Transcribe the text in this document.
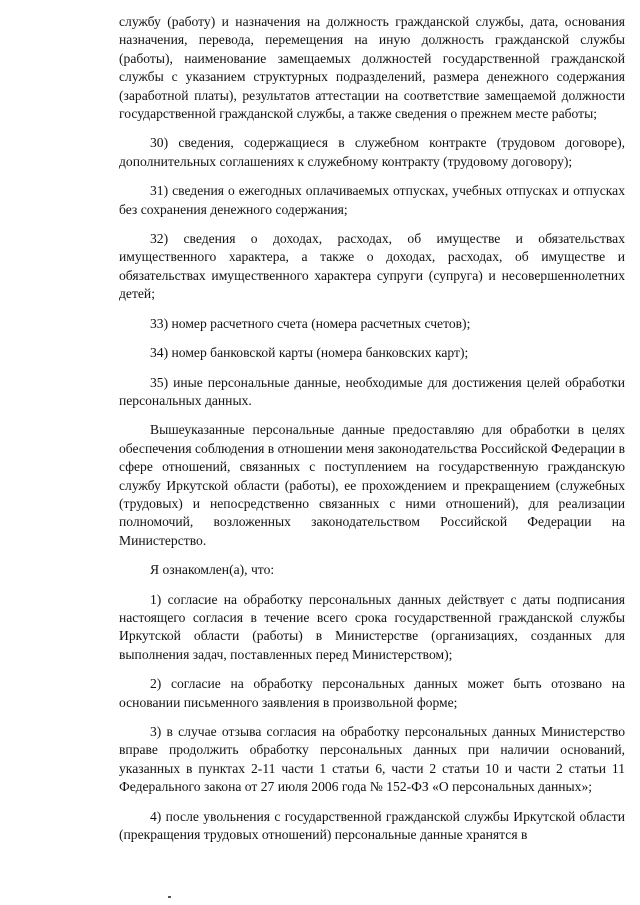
службу (работу) и назначения на должность гражданской службы, дата, основания назначения, перевода, перемещения на иную должность гражданской службы (работы), наименование замещаемых должностей государственной гражданской службы с указанием структурных подразделений, размера денежного содержания (заработной платы), результатов аттестации на соответствие замещаемой должности государственной гражданской службы, а также сведения о прежнем месте работы;

30) сведения, содержащиеся в служебном контракте (трудовом договоре), дополнительных соглашениях к служебному контракту (трудовому договору);

31) сведения о ежегодных оплачиваемых отпусках, учебных отпусках и отпусках без сохранения денежного содержания;

32) сведения о доходах, расходах, об имуществе и обязательствах имущественного характера, а также о доходах, расходах, об имуществе и обязательствах имущественного характера супруги (супруга) и несовершеннолетних детей;

33) номер расчетного счета (номера расчетных счетов);

34) номер банковской карты (номера банковских карт);

35) иные персональные данные, необходимые для достижения целей обработки персональных данных.

Вышеуказанные персональные данные предоставляю для обработки в целях обеспечения соблюдения в отношении меня законодательства Российской Федерации в сфере отношений, связанных с поступлением на государственную гражданскую службу Иркутской области (работы), ее прохождением и прекращением (служебных (трудовых) и непосредственно связанных с ними отношений), для реализации полномочий, возложенных законодательством Российской Федерации на Министерство.

Я ознакомлен(а), что:

1) согласие на обработку персональных данных действует с даты подписания настоящего согласия в течение всего срока государственной гражданской службы Иркутской области (работы) в Министерстве (организациях, созданных для выполнения задач, поставленных перед Министерством);

2) согласие на обработку персональных данных может быть отозвано на основании письменного заявления в произвольной форме;

3) в случае отзыва согласия на обработку персональных данных Министерство вправе продолжить обработку персональных данных при наличии оснований, указанных в пунктах 2-11 части 1 статьи 6, части 2 статьи 10 и части 2 статьи 11 Федерального закона от 27 июля 2006 года № 152-ФЗ «О персональных данных»;

4) после увольнения с государственной гражданской службы Иркутской области (прекращения трудовых отношений) персональные данные хранятся в
